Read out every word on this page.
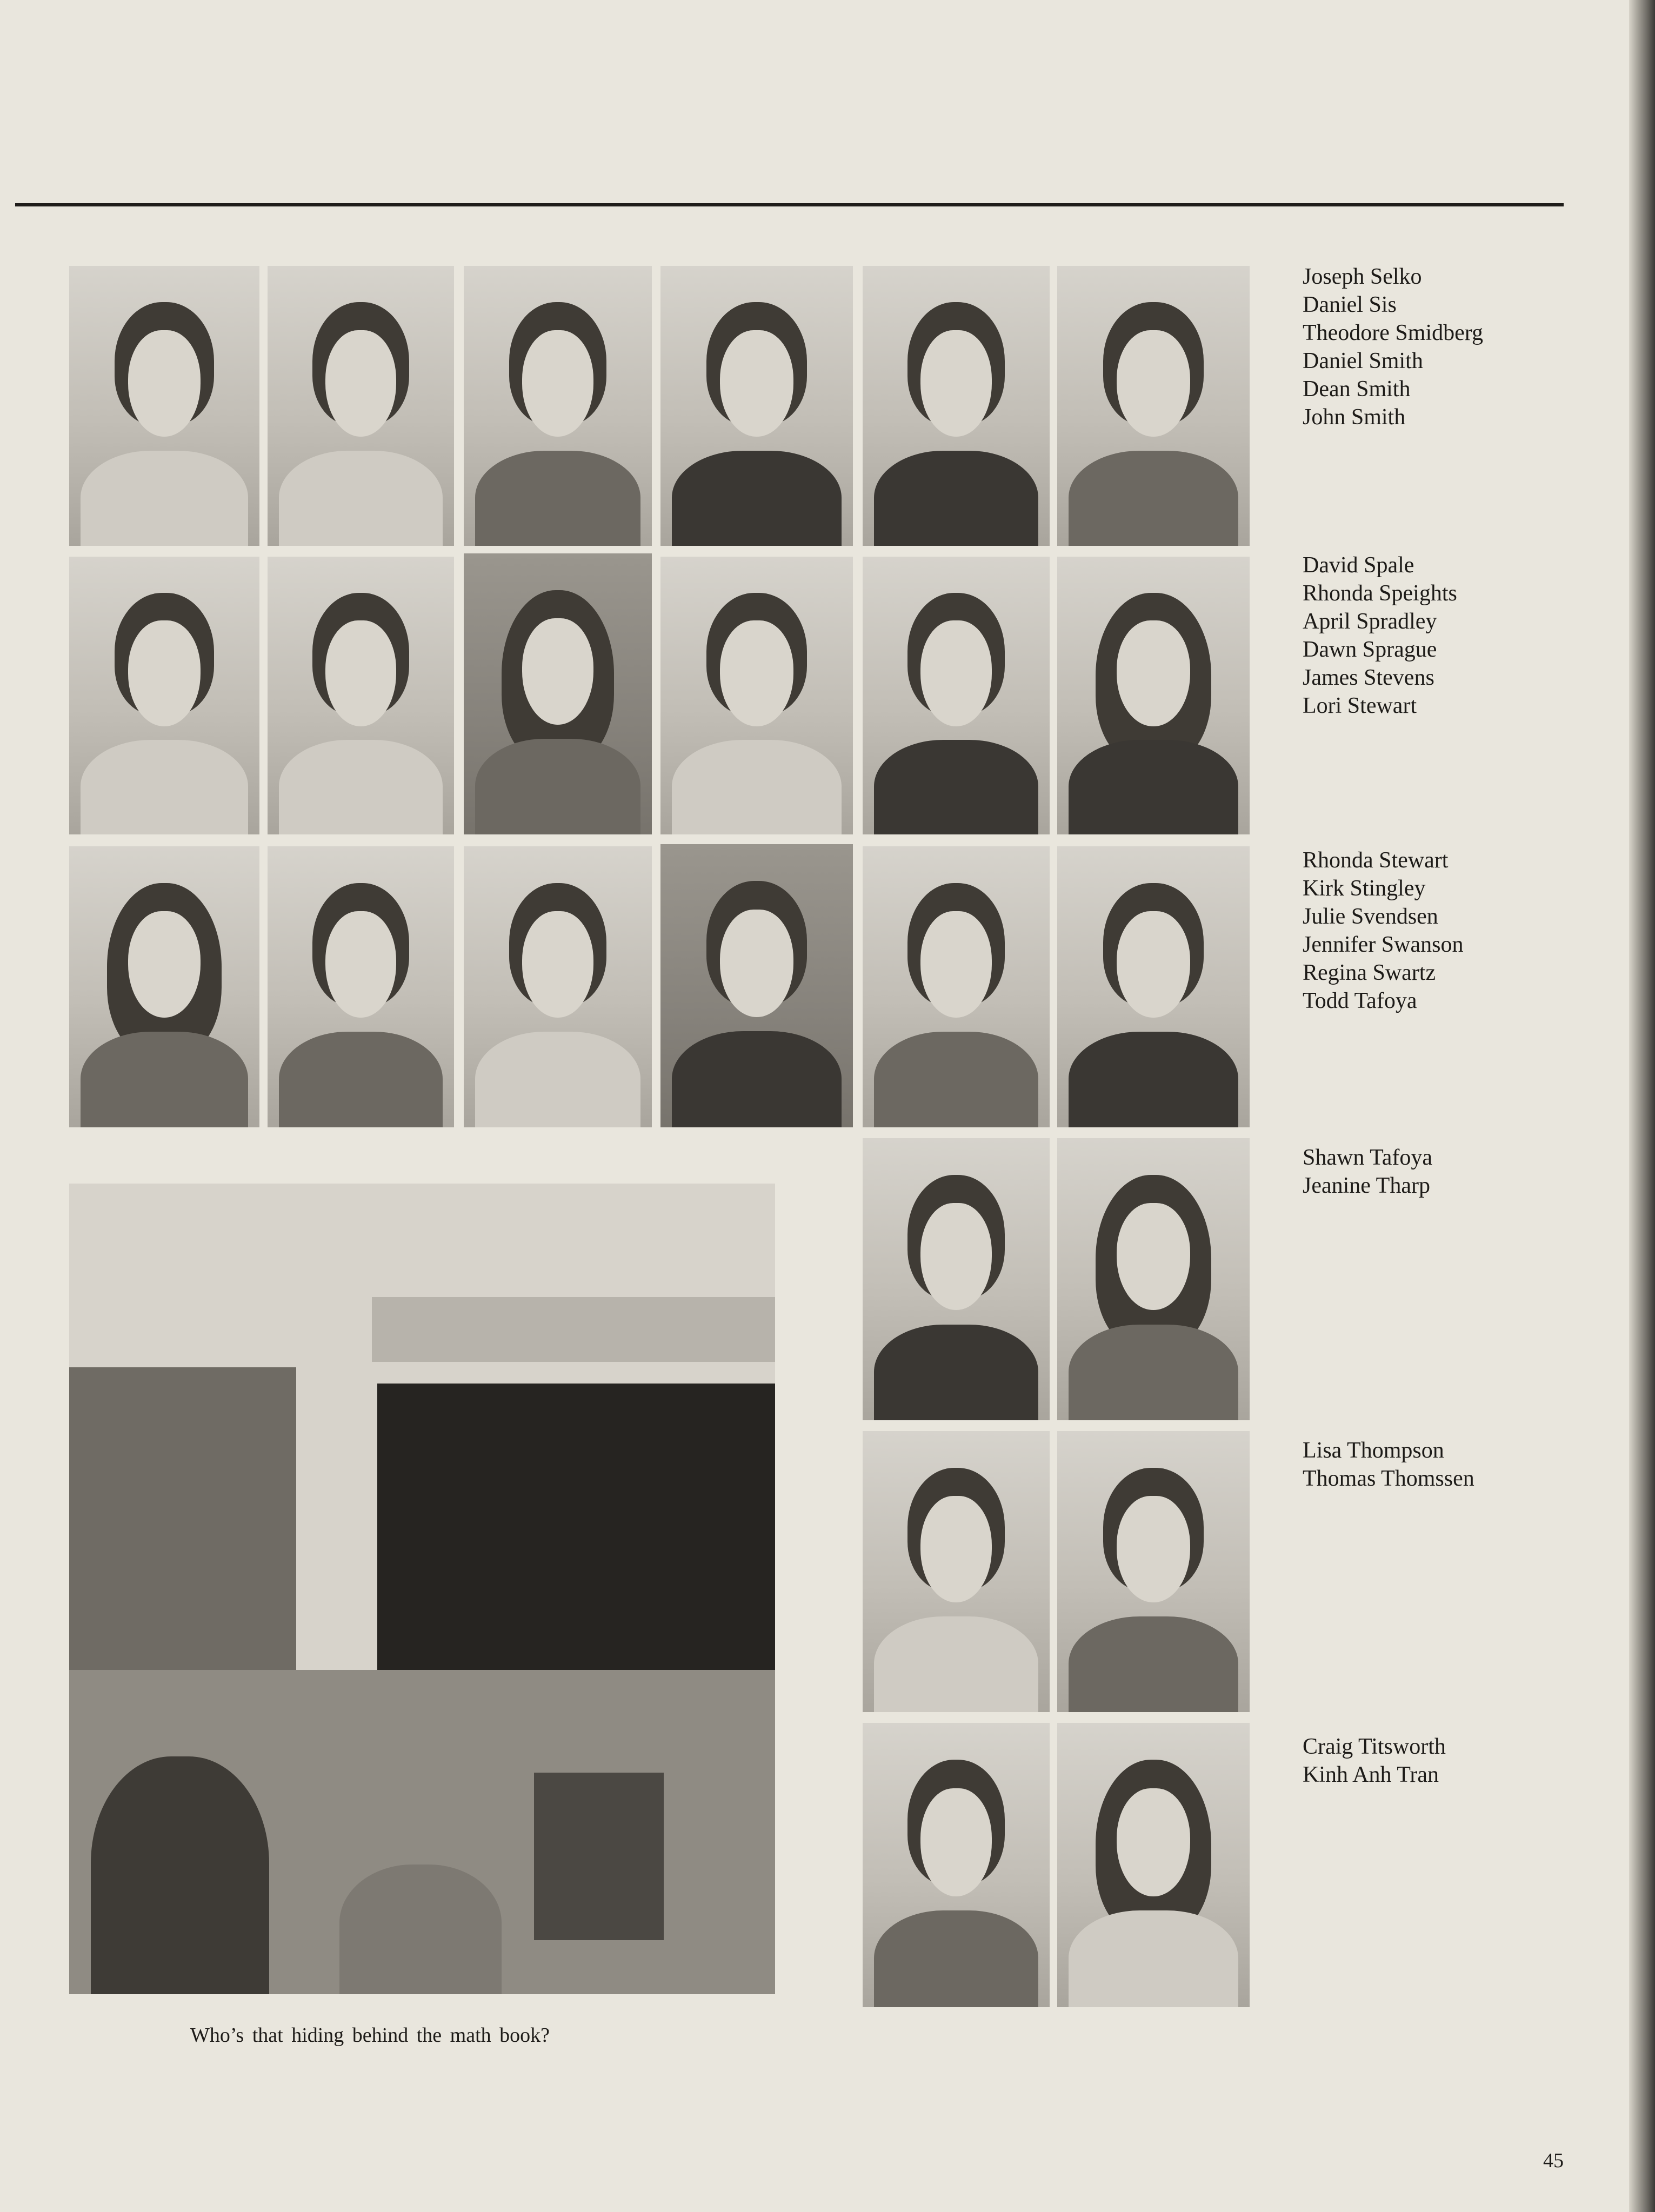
Joseph Selko
Daniel Sis
Theodore Smidberg
Daniel Smith
Dean Smith
John Smith
David Spale
Rhonda Speights
April Spradley
Dawn Sprague
James Stevens
Lori Stewart
Rhonda Stewart
Kirk Stingley
Julie Svendsen
Jennifer Swanson
Regina Swartz
Todd Tafoya
Shawn Tafoya
Jeanine Tharp
Lisa Thompson
Thomas Thomssen
Craig Titsworth
Kinh Anh Tran
Who’s that hiding behind the math book?
45
